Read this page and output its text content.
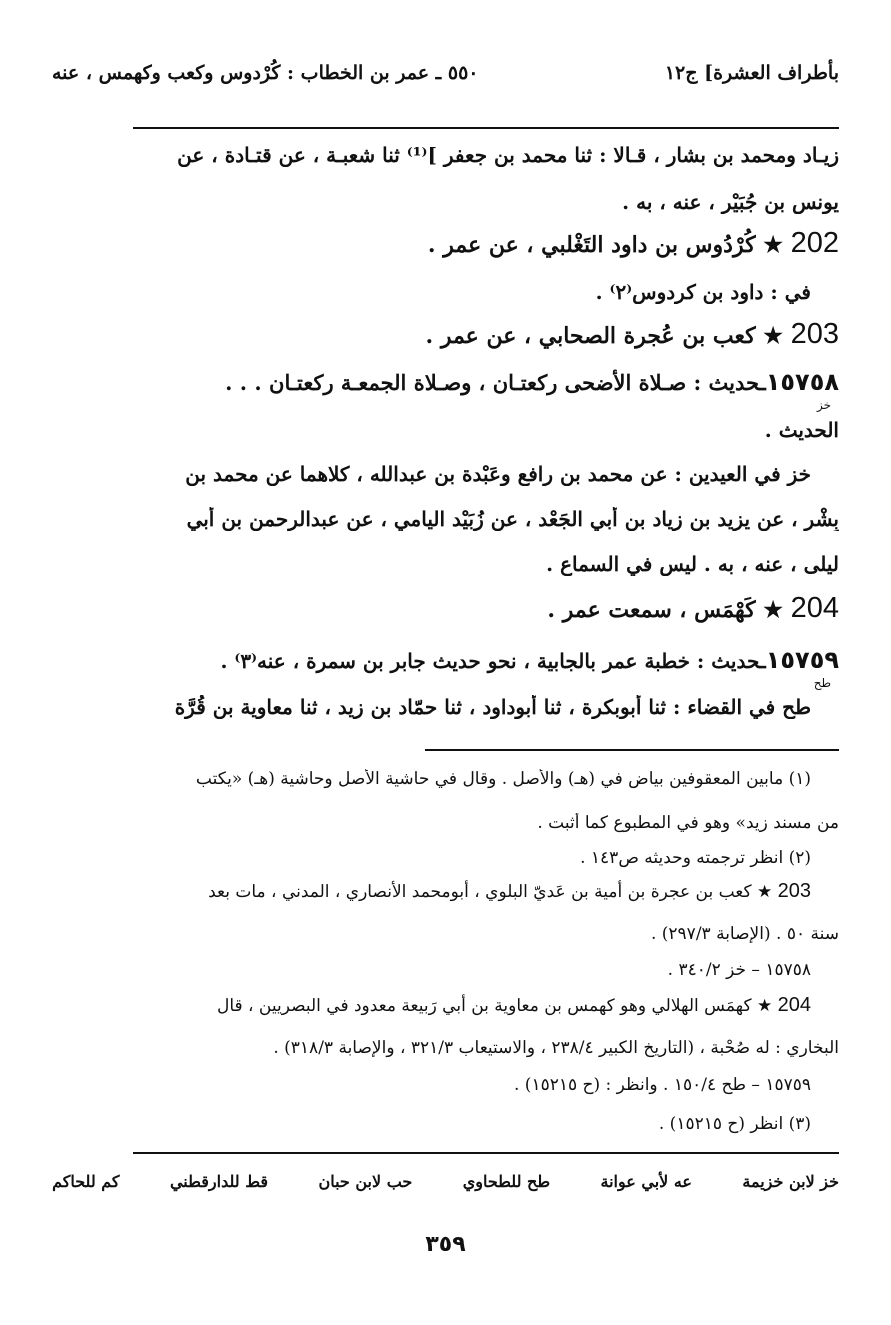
بأطراف العشرة] ج١٢
٥٥٠ ـ عمر بن الخطاب : كُرْدوس وكعب وكهمس ، عنه
زيـاد ومحمد بن بشار ، قـالا : ثنا محمد بن جعفر ]⁽¹⁾ ثنا شعبـة ، عن قتـادة ، عن
يونس بن جُبَيْر ، عنه ، به .
202 ★ كُرْدُوس بن داود التَغْلبي ، عن عمر .
في : داود بن كردوس⁽٢⁾ .
203 ★ كعب بن عُجرة الصحابي ، عن عمر .
١٥٧٥٨ـحديث : صـلاة الأضحى ركعتـان ، وصـلاة الجمعـة ركعتـان . . .
خز
الحديث .
خز في العيدين : عن محمد بن رافع وعَبْدة بن عبدالله ، كلاهما عن محمد بن
بِشْر ، عن يزيد بن زياد بن أبي الجَعْد ، عن زُبَيْد اليامي ، عن عبدالرحمن بن أبي
ليلى ، عنه ، به . ليس في السماع .
204 ★ كَهْمَس ، سمعت عمر .
١٥٧٥٩ـحديث : خطبة عمر بالجابية ، نحو حديث جابر بن سمرة ، عنه⁽٣⁾ .
طح
طح في القضاء : ثنا أبوبكرة ، ثنا أبوداود ، ثنا حمّاد بن زيد ، ثنا معاوية بن قُرَّة
(١) مابين المعقوفين بياض في (هـ) والأصل . وقال في حاشية الأصل وحاشية (هـ) «يكتب
من مسند زيد» وهو في المطبوع كما أثبت .
(٢) انظر ترجمته وحديثه ص١٤٣ .
203 ★ كعب بن عجرة بن أمية بن عَديّ البلوي ، أبومحمد الأنصاري ، المدني ، مات بعد
سنة ٥٠ . (الإصابة ٢٩٧/٣) .
١٥٧٥٨ – خز ٣٤٠/٢ .
204 ★ كهمَس الهلالي وهو كهمس بن معاوية بن أبي رَبيعة معدود في البصريين ، قال
البخاري : له صُحْبة ، (التاريخ الكبير ٢٣٨/٤ ، والاستيعاب ٣٢١/٣ ، والإصابة ٣١٨/٣) .
١٥٧٥٩ – طح ١٥٠/٤ . وانظر : (ح ١٥٢١٥) .
(٣) انظر (ح ١٥٢١٥) .
خز لابن خزيمة
عه لأبي عوانة
طح للطحاوي
حب لابن حبان
قط للدارقطني
كم للحاكم
٣٥٩
